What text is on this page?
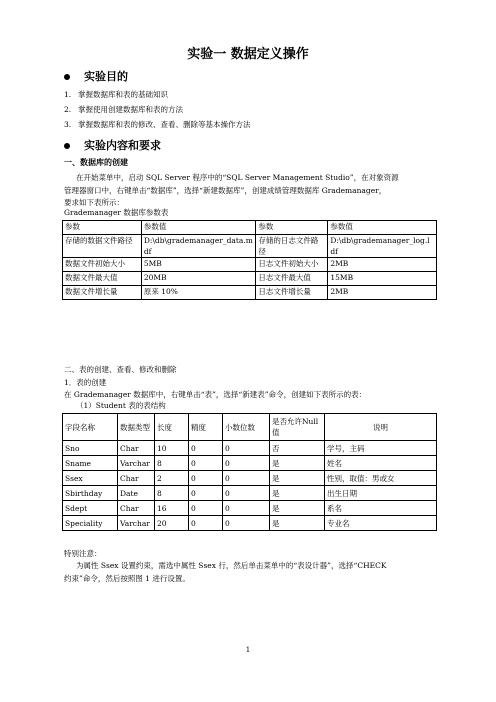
实验一 数据定义操作
实验目的
1. 掌握数据库和表的基础知识
2. 掌握使用创建数据库和表的方法
3. 掌握数据库和表的修改、查看、删除等基本操作方法
实验内容和要求
一、数据库的创建
在开始菜单中，启动 SQL Server 程序中的“SQL Server Management Studio”，在对象资源
管理器窗口中，右键单击“数据库”，选择“新建数据库”，创建成绩管理数据库 Grademanager，
要求如下表所示：
参数	参数值	参数	参数值
存储的数据文件路径	D:\db\grademanager_data.mdf	存储的日志文件路径	D:\db\grademanager_log.ldf
数据文件初始大小	5MB	日志文件初始大小	2MB
数据文件最大值	20MB	日志文件最大值	15MB
数据文件增长量	原来 10%	日志文件增长量	2MB
二、表的创建、查看、修改和删除
1．表的创建
在 Grademanager 数据库中，右键单击“表”，选择“新建表”命令，创建如下表所示的表：
字段名称	数据类型	长度	精度	小数位数	是否允许Null值	说明
Sno	Char	10	0	0	否	学号，主码
Sname	Varchar	8	0	0	是	姓名
Ssex	Char	2	0	0	是	性别，取值：男或女
Sbirthday	Date	8	0	0	是	出生日期
Sdept	Char	16	0	0	是	系名
Speciality	Varchar	20	0	0	是	专业名
特别注意：
为属性 Ssex 设置约束，需选中属性 Ssex 行，然后单击菜单中的“表设计器”，选择“CHECK
约束”命令，然后按照图 1 进行设置。
1
（1）Student 表的表结构
Grademanager 数据库参数表
